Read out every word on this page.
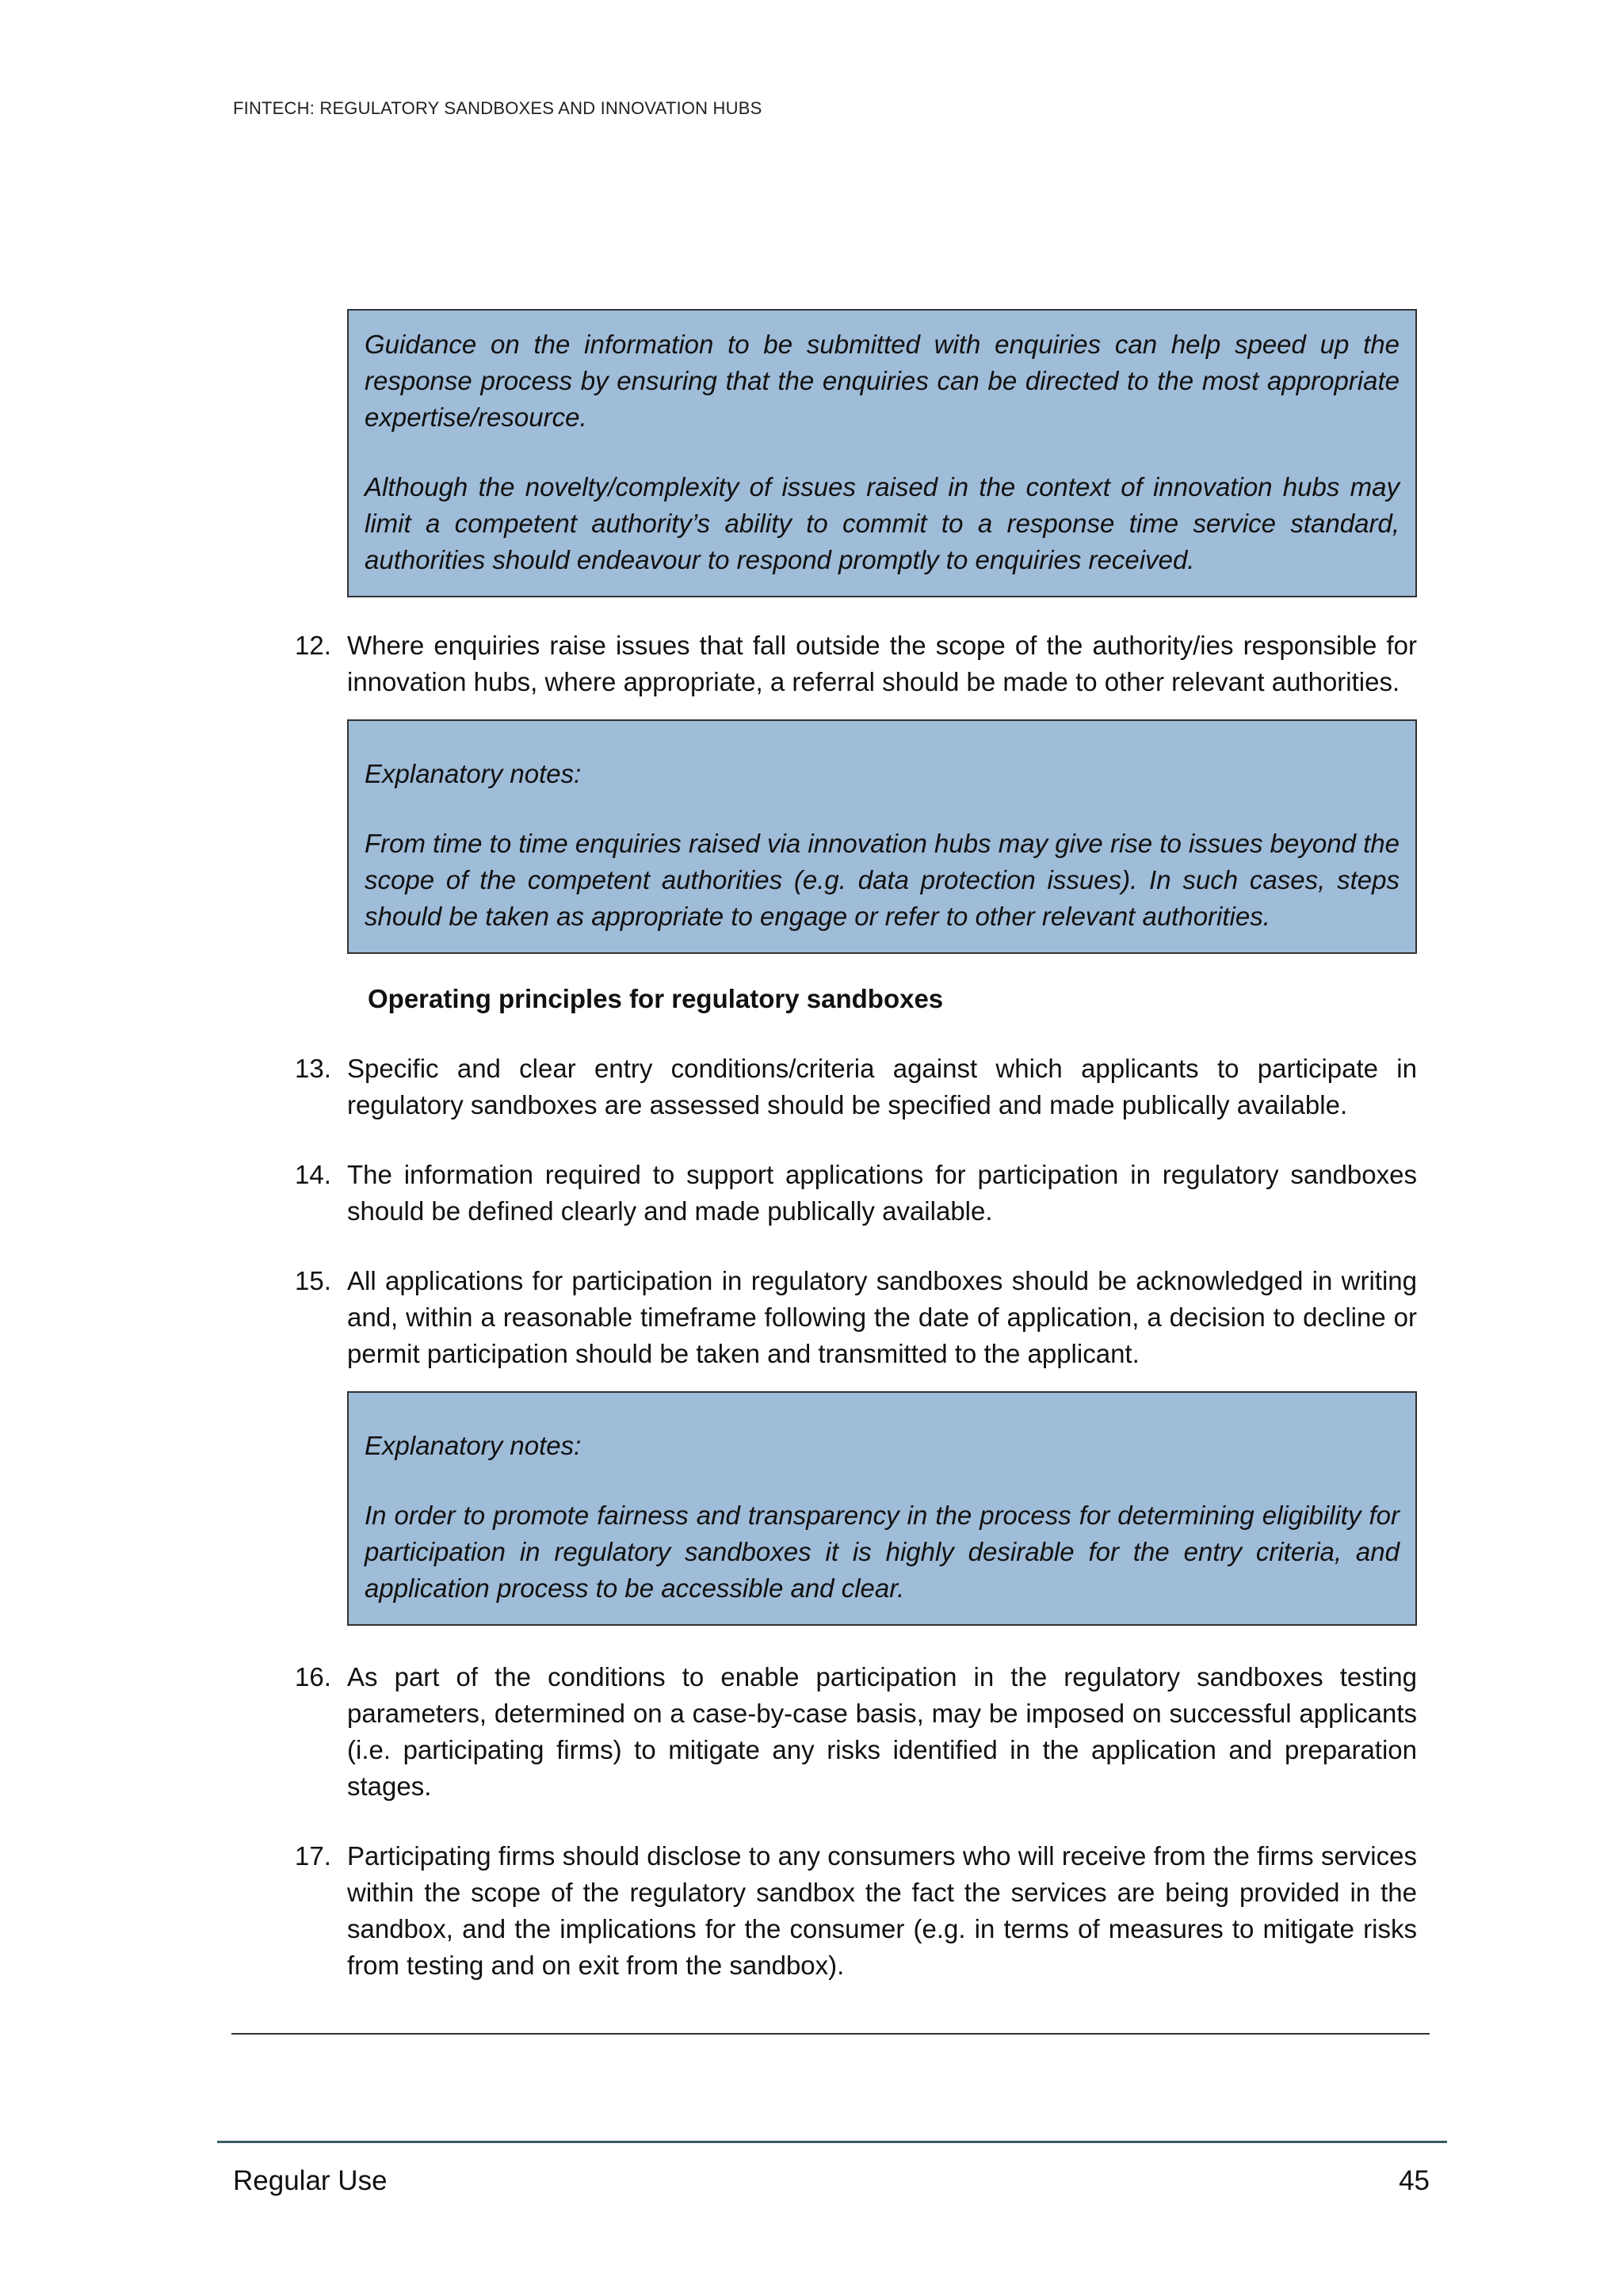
FINTECH: REGULATORY SANDBOXES AND INNOVATION HUBS

Guidance on the information to be submitted with enquiries can help speed up the response process by ensuring that the enquiries can be directed to the most appropriate expertise/resource.

Although the novelty/complexity of issues raised in the context of innovation hubs may limit a competent authority’s ability to commit to a response time service standard, authorities should endeavour to respond promptly to enquiries received.

12. Where enquiries raise issues that fall outside the scope of the authority/ies responsible for innovation hubs, where appropriate, a referral should be made to other relevant authorities.

Explanatory notes:

From time to time enquiries raised via innovation hubs may give rise to issues beyond the scope of the competent authorities (e.g. data protection issues). In such cases, steps should be taken as appropriate to engage or refer to other relevant authorities.

Operating principles for regulatory sandboxes
13. Specific and clear entry conditions/criteria against which applicants to participate in regulatory sandboxes are assessed should be specified and made publically available.
14. The information required to support applications for participation in regulatory sandboxes should be defined clearly and made publically available.
15. All applications for participation in regulatory sandboxes should be acknowledged in writing and, within a reasonable timeframe following the date of application, a decision to decline or permit participation should be taken and transmitted to the applicant.

Explanatory notes:

In order to promote fairness and transparency in the process for determining eligibility for participation in regulatory sandboxes it is highly desirable for the entry criteria, and application process to be accessible and clear.

16. As part of the conditions to enable participation in the regulatory sandboxes testing parameters, determined on a case-by-case basis, may be imposed on successful applicants (i.e. participating firms) to mitigate any risks identified in the application and preparation stages.
17. Participating firms should disclose to any consumers who will receive from the firms services within the scope of the regulatory sandbox the fact the services are being provided in the sandbox, and the implications for the consumer (e.g. in terms of measures to mitigate risks from testing and on exit from the sandbox).
Regular Use	45
